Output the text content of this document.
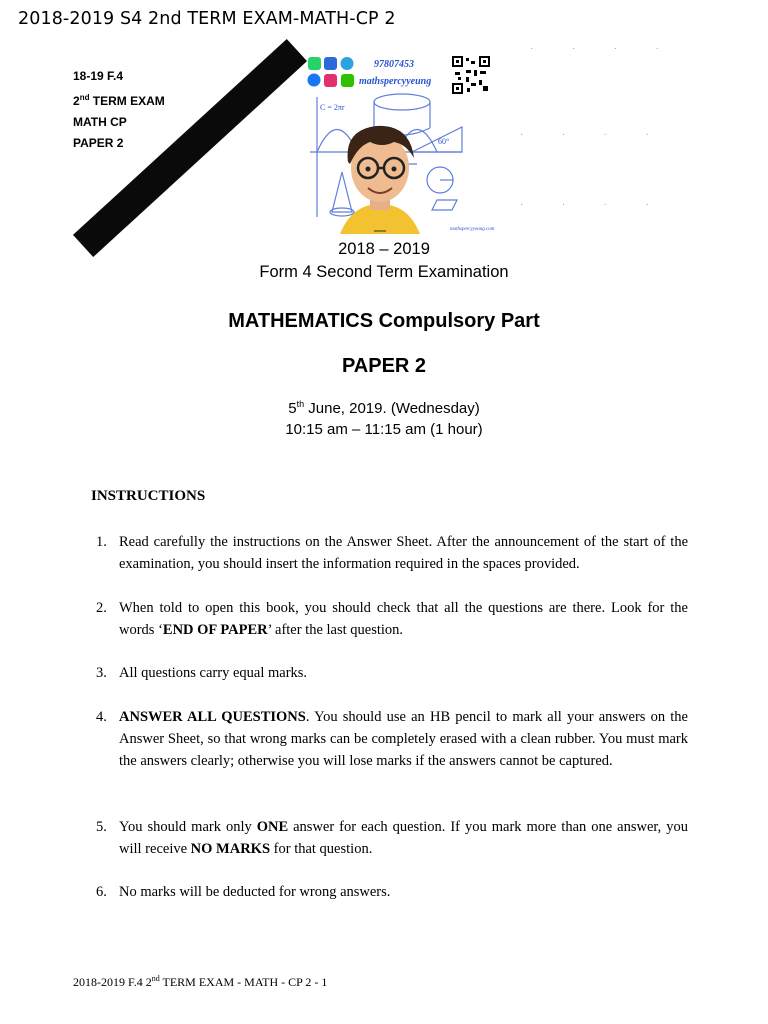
2018-2019 S4 2nd TERM EXAM-MATH-CP 2
18-19 F.4
2nd TERM EXAM
MATH CP
PAPER 2	MC
97807453
mathspercyyeung
C = 2πr
60°
mathspercyyeung.com
· · · ·
· · · ·
· · · ·
2018 – 2019
Form 4 Second Term Examination
MATHEMATICS Compulsory Part
PAPER 2
5th June, 2019. (Wednesday)
10:15 am – 11:15 am (1 hour)
INSTRUCTIONS
1. Read carefully the instructions on the Answer Sheet. After the announcement of the start of the examination, you should insert the information required in the spaces provided.
2. When told to open this book, you should check that all the questions are there. Look for the words ‘END OF PAPER’ after the last question.
3. All questions carry equal marks.
4. ANSWER ALL QUESTIONS. You should use an HB pencil to mark all your answers on the Answer Sheet, so that wrong marks can be completely erased with a clean rubber. You must mark the answers clearly; otherwise you will lose marks if the answers cannot be captured.
5. You should mark only ONE answer for each question. If you mark more than one answer, you will receive NO MARKS for that question.
6. No marks will be deducted for wrong answers.
2018-2019 F.4 2nd TERM EXAM - MATH - CP 2 - 1
